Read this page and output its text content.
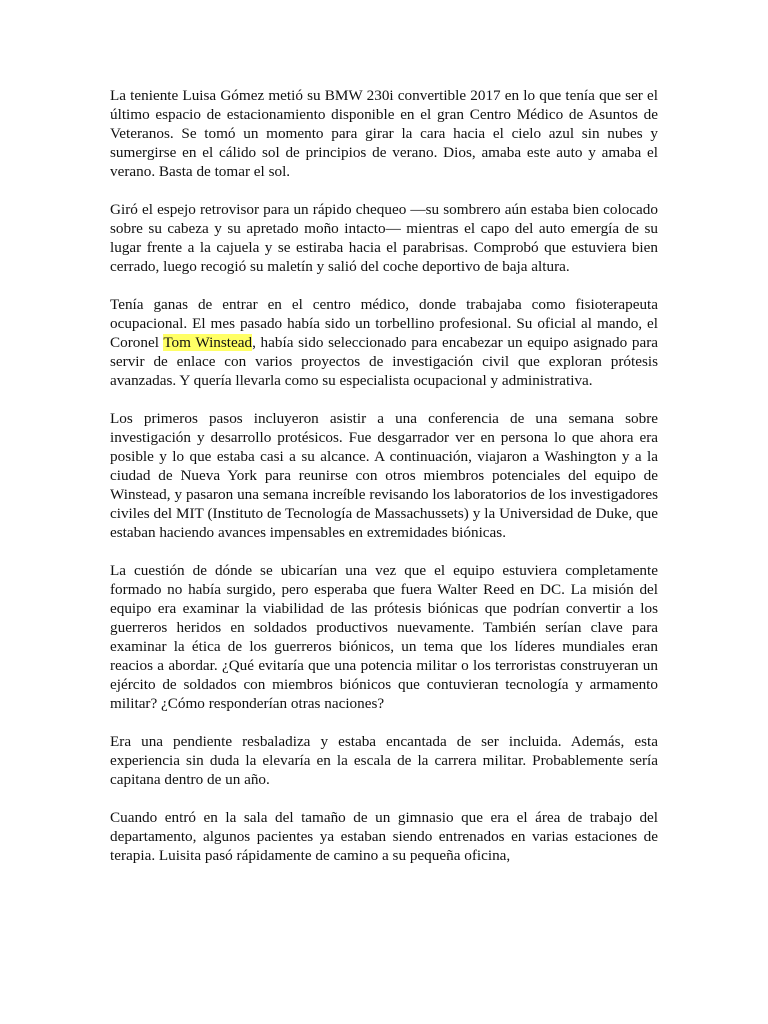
La teniente Luisa Gómez metió su BMW 230i convertible 2017 en lo que tenía que ser el último espacio de estacionamiento disponible en el gran Centro Médico de Asuntos de Veteranos. Se tomó un momento para girar la cara hacia el cielo azul sin nubes y sumergirse en el cálido sol de principios de verano. Dios, amaba este auto y amaba el verano. Basta de tomar el sol.

Giró el espejo retrovisor para un rápido chequeo —su sombrero aún estaba bien colocado sobre su cabeza y su apretado moño intacto— mientras el capo del auto emergía de su lugar frente a la cajuela y se estiraba hacia el parabrisas. Comprobó que estuviera bien cerrado, luego recogió su maletín y salió del coche deportivo de baja altura.

Tenía ganas de entrar en el centro médico, donde trabajaba como fisioterapeuta ocupacional. El mes pasado había sido un torbellino profesional. Su oficial al mando, el Coronel Tom Winstead, había sido seleccionado para encabezar un equipo asignado para servir de enlace con varios proyectos de investigación civil que exploran prótesis avanzadas. Y quería llevarla como su especialista ocupacional y administrativa.

Los primeros pasos incluyeron asistir a una conferencia de una semana sobre investigación y desarrollo protésicos. Fue desgarrador ver en persona lo que ahora era posible y lo que estaba casi a su alcance. A continuación, viajaron a Washington y a la ciudad de Nueva York para reunirse con otros miembros potenciales del equipo de Winstead, y pasaron una semana increíble revisando los laboratorios de los investigadores civiles del MIT (Instituto de Tecnología de Massachussets) y la Universidad de Duke, que estaban haciendo avances impensables en extremidades biónicas.

La cuestión de dónde se ubicarían una vez que el equipo estuviera completamente formado no había surgido, pero esperaba que fuera Walter Reed en DC. La misión del equipo era examinar la viabilidad de las prótesis biónicas que podrían convertir a los guerreros heridos en soldados productivos nuevamente. También serían clave para examinar la ética de los guerreros biónicos, un tema que los líderes mundiales eran reacios a abordar. ¿Qué evitaría que una potencia militar o los terroristas construyeran un ejército de soldados con miembros biónicos que contuvieran tecnología y armamento militar? ¿Cómo responderían otras naciones?

Era una pendiente resbaladiza y estaba encantada de ser incluida. Además, esta experiencia sin duda la elevaría en la escala de la carrera militar. Probablemente sería capitana dentro de un año.

Cuando entró en la sala del tamaño de un gimnasio que era el área de trabajo del departamento, algunos pacientes ya estaban siendo entrenados en varias estaciones de terapia. Luisita pasó rápidamente de camino a su pequeña oficina,
